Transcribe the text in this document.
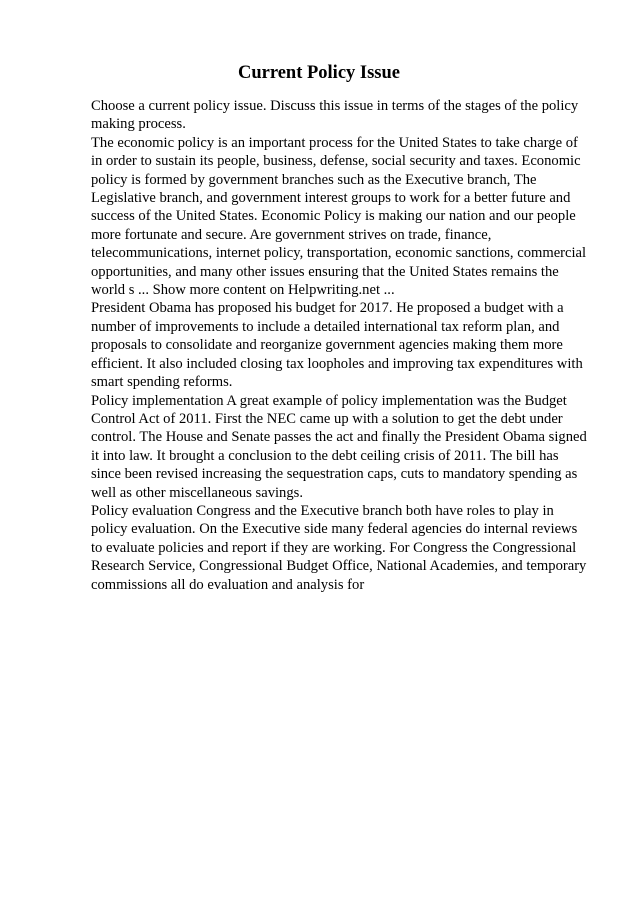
Current Policy Issue

Choose a current policy issue. Discuss this issue in terms of the stages of the policy making process.

The economic policy is an important process for the United States to take charge of in order to sustain its people, business, defense, social security and taxes. Economic policy is formed by government branches such as the Executive branch, The Legislative branch, and government interest groups to work for a better future and success of the United States. Economic Policy is making our nation and our people more fortunate and secure. Are government strives on trade, finance, telecommunications, internet policy, transportation, economic sanctions, commercial opportunities, and many other issues ensuring that the United States remains the world s ... Show more content on Helpwriting.net ...

President Obama has proposed his budget for 2017. He proposed a budget with a number of improvements to include a detailed international tax reform plan, and proposals to consolidate and reorganize government agencies making them more efficient. It also included closing tax loopholes and improving tax expenditures with smart spending reforms.

Policy implementation A great example of policy implementation was the Budget Control Act of 2011. First the NEC came up with a solution to get the debt under control. The House and Senate passes the act and finally the President Obama signed it into law. It brought a conclusion to the debt ceiling crisis of 2011. The bill has since been revised increasing the sequestration caps, cuts to mandatory spending as well as other miscellaneous savings.

Policy evaluation Congress and the Executive branch both have roles to play in policy evaluation. On the Executive side many federal agencies do internal reviews to evaluate policies and report if they are working. For Congress the Congressional Research Service, Congressional Budget Office, National Academies, and temporary commissions all do evaluation and analysis for
